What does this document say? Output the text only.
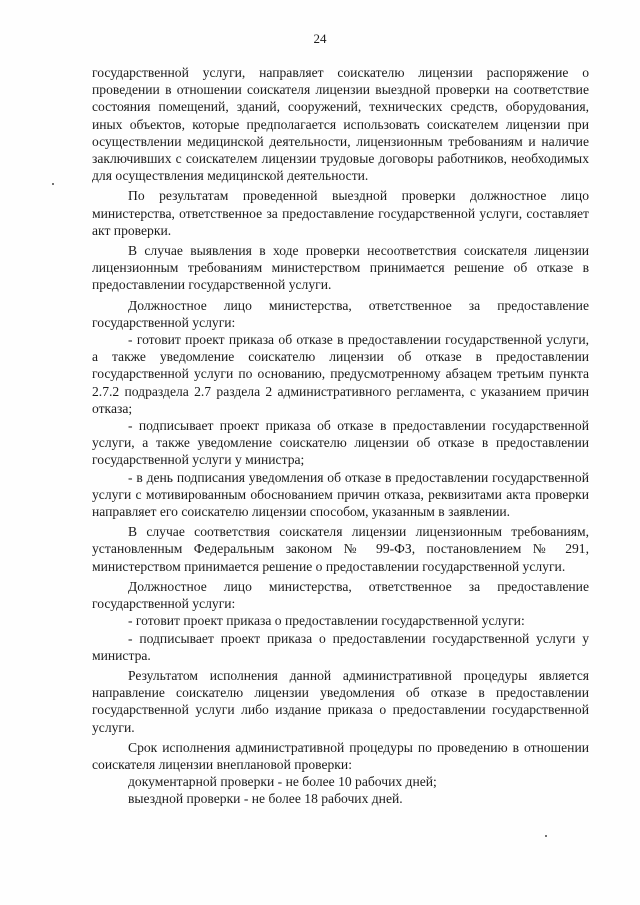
24

государственной услуги, направляет соискателю лицензии распоряжение о проведении в отношении соискателя лицензии выездной проверки на соответствие состояния помещений, зданий, сооружений, технических средств, оборудования, иных объектов, которые предполагается использовать соискателем лицензии при осуществлении медицинской деятельности, лицензионным требованиям и наличие заключивших с соискателем лицензии трудовые договоры работников, необходимых для осуществления медицинской деятельности.

По результатам проведенной выездной проверки должностное лицо министерства, ответственное за предоставление государственной услуги, составляет акт проверки.

В случае выявления в ходе проверки несоответствия соискателя лицензии лицензионным требованиям министерством принимается решение об отказе в предоставлении государственной услуги.

Должностное лицо министерства, ответственное за предоставление государственной услуги:

- готовит проект приказа об отказе в предоставлении государственной услуги, а также уведомление соискателю лицензии об отказе в предоставлении государственной услуги по основанию, предусмотренному абзацем третьим пункта 2.7.2 подраздела 2.7 раздела 2 административного регламента, с указанием причин отказа;

- подписывает проект приказа об отказе в предоставлении государственной услуги, а также уведомление соискателю лицензии об отказе в предоставлении государственной услуги у министра;

- в день подписания уведомления об отказе в предоставлении государственной услуги с мотивированным обоснованием причин отказа, реквизитами акта проверки направляет его соискателю лицензии способом, указанным в заявлении.

В случае соответствия соискателя лицензии лицензионным требованиям, установленным Федеральным законом № 99-ФЗ, постановлением № 291, министерством принимается решение о предоставлении государственной услуги.

Должностное лицо министерства, ответственное за предоставление государственной услуги:

- готовит проект приказа о предоставлении государственной услуги:

- подписывает проект приказа о предоставлении государственной услуги у министра.

Результатом исполнения данной административной процедуры является направление соискателю лицензии уведомления об отказе в предоставлении государственной услуги либо издание приказа о предоставлении государственной услуги.

Срок исполнения административной процедуры по проведению в отношении соискателя лицензии внеплановой проверки:

документарной проверки - не более 10 рабочих дней;

выездной проверки - не более 18 рабочих дней.
